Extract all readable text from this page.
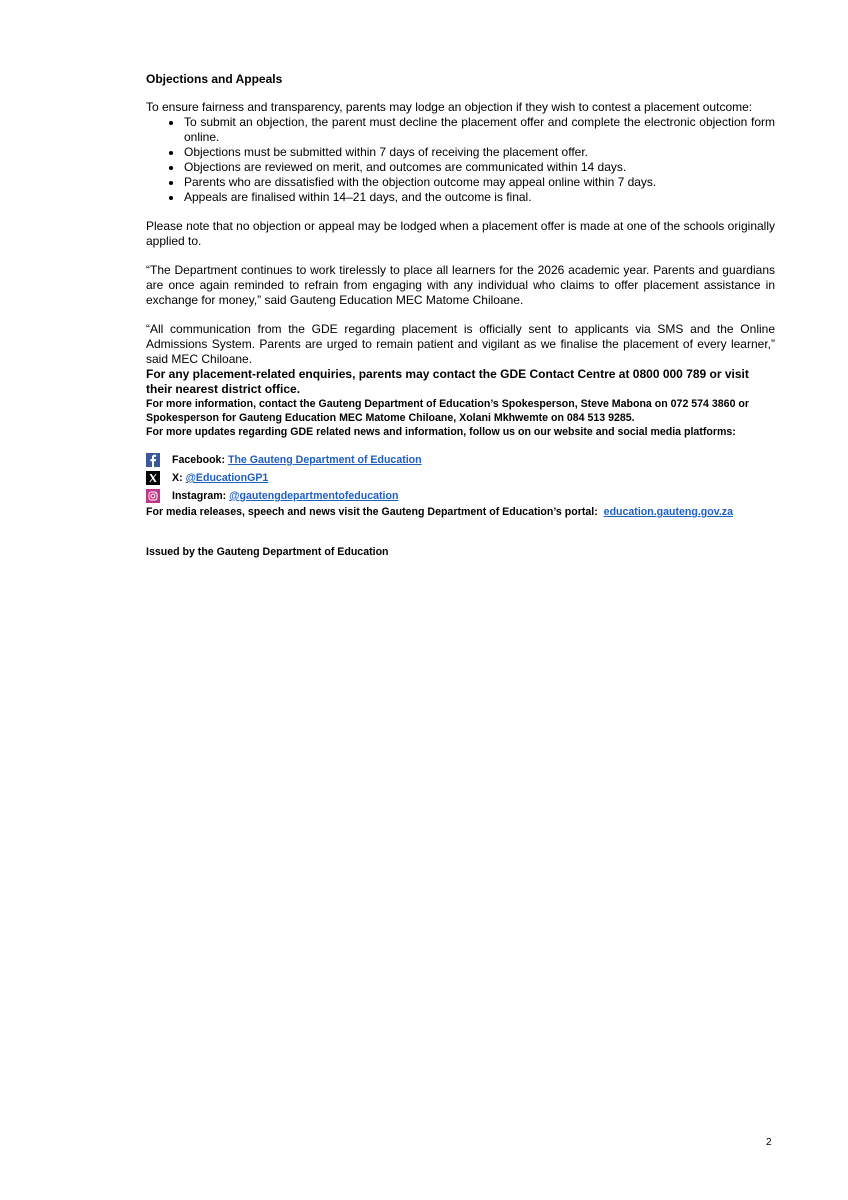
Objections and Appeals

To ensure fairness and transparency, parents may lodge an objection if they wish to contest a placement outcome:

To submit an objection, the parent must decline the placement offer and complete the electronic objection form online.
Objections must be submitted within 7 days of receiving the placement offer.
Objections are reviewed on merit, and outcomes are communicated within 14 days.
Parents who are dissatisfied with the objection outcome may appeal online within 7 days.
Appeals are finalised within 14–21 days, and the outcome is final.

Please note that no objection or appeal may be lodged when a placement offer is made at one of the schools originally applied to.

“The Department continues to work tirelessly to place all learners for the 2026 academic year. Parents and guardians are once again reminded to refrain from engaging with any individual who claims to offer placement assistance in exchange for money,” said Gauteng Education MEC Matome Chiloane.

“All communication from the GDE regarding placement is officially sent to applicants via SMS and the Online Admissions System. Parents are urged to remain patient and vigilant as we finalise the placement of every learner,” said MEC Chiloane.

For any placement-related enquiries, parents may contact the GDE Contact Centre at 0800 000 789 or visit their nearest district office.

For more information, contact the Gauteng Department of Education’s Spokesperson, Steve Mabona on 072 574 3860 or Spokesperson for Gauteng Education MEC Matome Chiloane, Xolani Mkhwemte on 084 513 9285.

For more updates regarding GDE related news and information, follow us on our website and social media platforms:

Facebook: The Gauteng Department of Education
X: @EducationGP1
Instagram: @gautengdepartmentofeducation

For media releases, speech and news visit the Gauteng Department of Education’s portal: education.gauteng.gov.za

Issued by the Gauteng Department of Education

2
